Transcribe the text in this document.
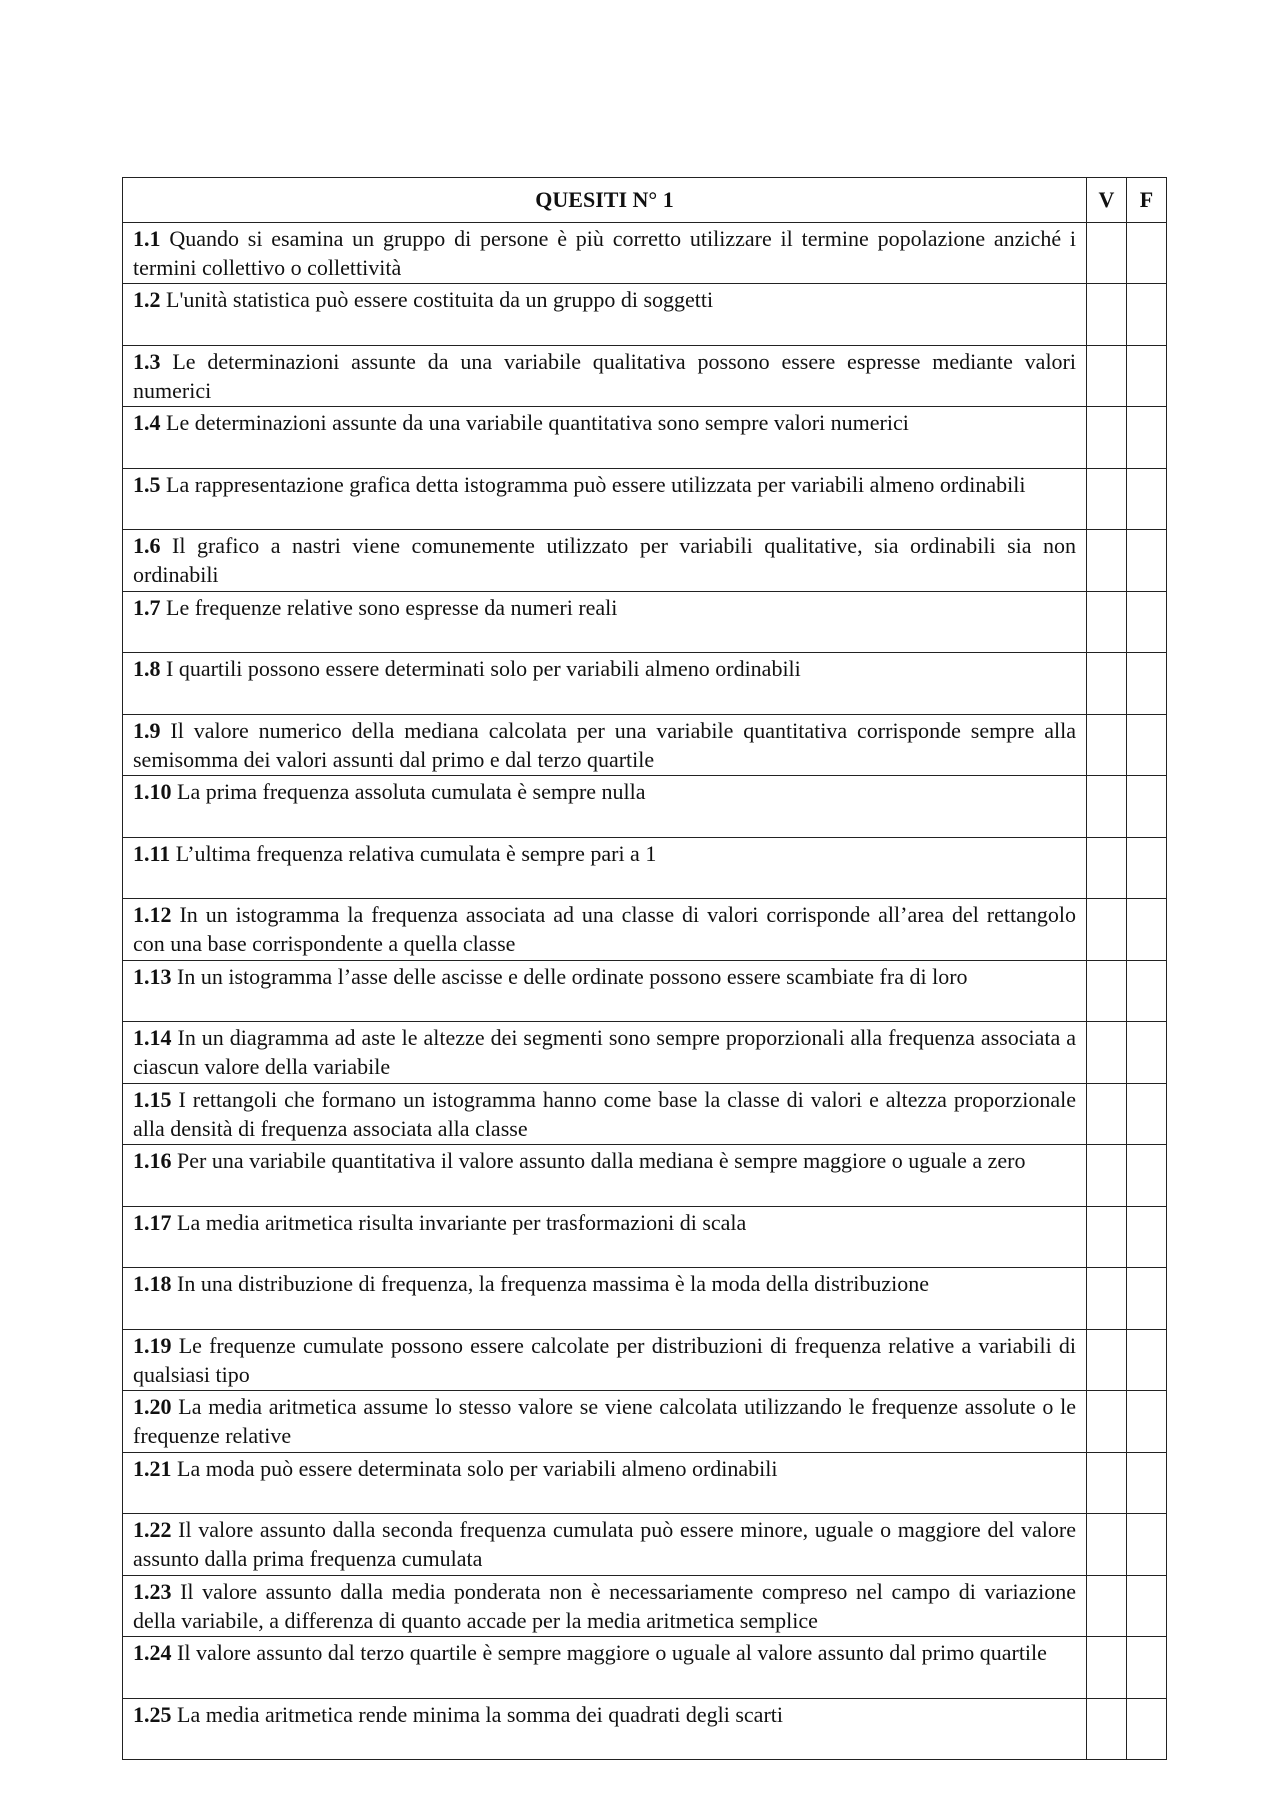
QUESITI N° 1	V	F
1.1 Quando si esamina un gruppo di persone è più corretto utilizzare il termine popolazione anziché i termini collettivo o collettività		
1.2 L'unità statistica può essere costituita da un gruppo di soggetti		
1.3 Le determinazioni assunte da una variabile qualitativa possono essere espresse mediante valori numerici		
1.4 Le determinazioni assunte da una variabile quantitativa sono sempre valori numerici		
1.5 La rappresentazione grafica detta istogramma può essere utilizzata per variabili almeno ordinabili		
1.6 Il grafico a nastri viene comunemente utilizzato per variabili qualitative, sia ordinabili sia non ordinabili		
1.7 Le frequenze relative sono espresse da numeri reali		
1.8 I quartili possono essere determinati solo per variabili almeno ordinabili		
1.9 Il valore numerico della mediana calcolata per una variabile quantitativa corrisponde sempre alla semisomma dei valori assunti dal primo e dal terzo quartile		
1.10 La prima frequenza assoluta cumulata è sempre nulla		
1.11 L’ultima frequenza relativa cumulata è sempre pari a 1		
1.12 In un istogramma la frequenza associata ad una classe di valori corrisponde all’area del rettangolo con una base corrispondente a quella classe		
1.13 In un istogramma l’asse delle ascisse e delle ordinate possono essere scambiate fra di loro		
1.14 In un diagramma ad aste le altezze dei segmenti sono sempre proporzionali alla frequenza associata a ciascun valore della variabile		
1.15 I rettangoli che formano un istogramma hanno come base la classe di valori e altezza proporzionale alla densità di frequenza associata alla classe		
1.16 Per una variabile quantitativa il valore assunto dalla mediana è sempre maggiore o uguale a zero		
1.17 La media aritmetica risulta invariante per trasformazioni di scala		
1.18 In una distribuzione di frequenza, la frequenza massima è la moda della distribuzione		
1.19 Le frequenze cumulate possono essere calcolate per distribuzioni di frequenza relative a variabili di qualsiasi tipo		
1.20 La media aritmetica assume lo stesso valore se viene calcolata utilizzando le frequenze assolute o le frequenze relative		
1.21 La moda può essere determinata solo per variabili almeno ordinabili		
1.22 Il valore assunto dalla seconda frequenza cumulata può essere minore, uguale o maggiore del valore assunto dalla prima frequenza cumulata		
1.23 Il valore assunto dalla media ponderata non è necessariamente compreso nel campo di variazione della variabile, a differenza di quanto accade per la media aritmetica semplice		
1.24 Il valore assunto dal terzo quartile è sempre maggiore o uguale al valore assunto dal primo quartile		
1.25 La media aritmetica rende minima la somma dei quadrati degli scarti		
